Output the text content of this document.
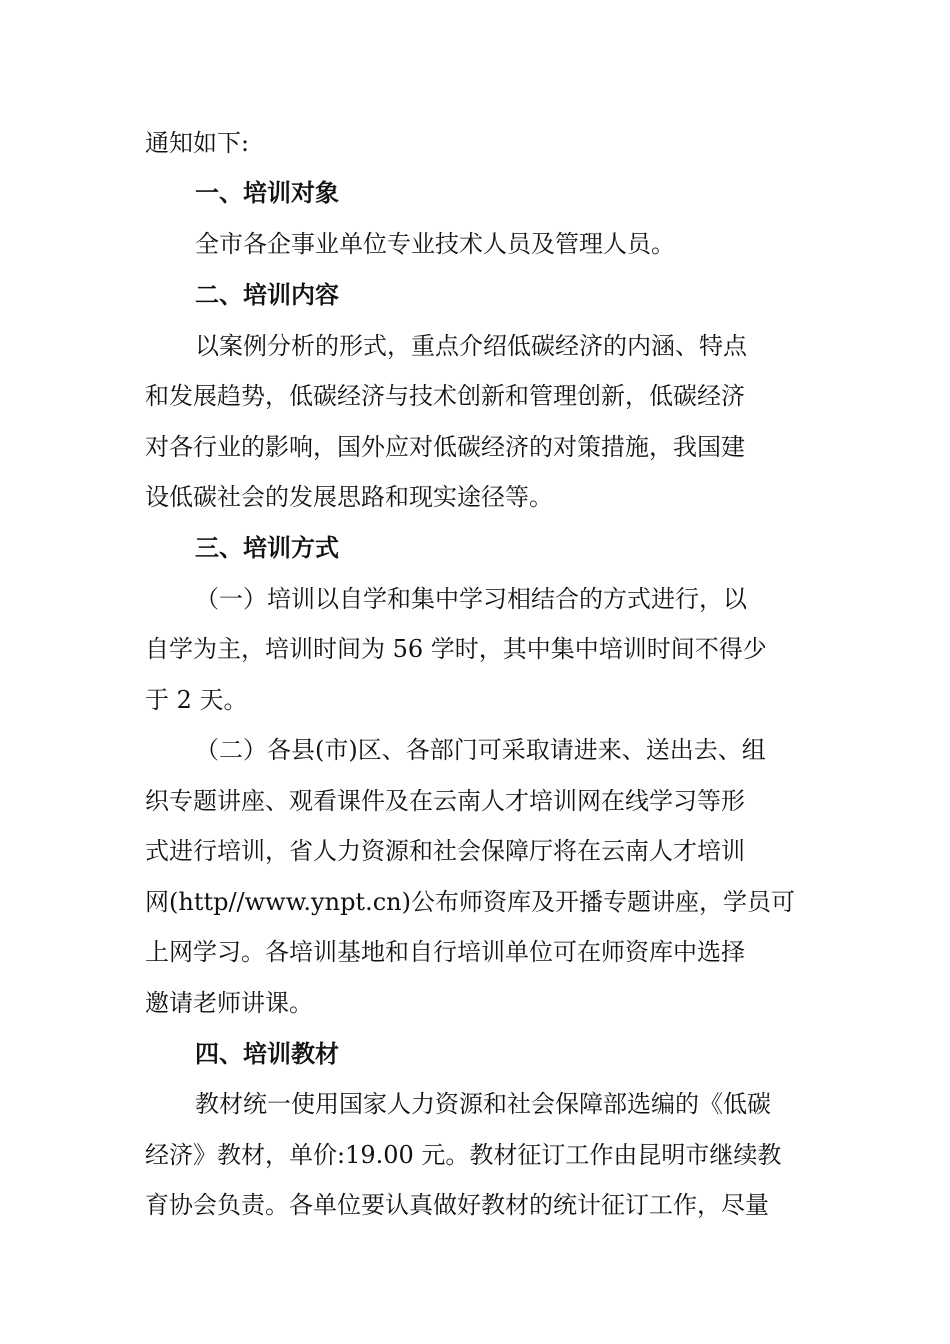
通知如下:
一、培训对象
全市各企事业单位专业技术人员及管理人员。
二、培训内容
以案例分析的形式，重点介绍低碳经济的内涵、特点
和发展趋势，低碳经济与技术创新和管理创新，低碳经济
对各行业的影响，国外应对低碳经济的对策措施，我国建
设低碳社会的发展思路和现实途径等。
三、培训方式
（一）培训以自学和集中学习相结合的方式进行，以
自学为主，培训时间为 56 学时，其中集中培训时间不得少
于 2 天。
（二）各县(市)区、各部门可采取请进来、送出去、组
织专题讲座、观看课件及在云南人才培训网在线学习等形
式进行培训，省人力资源和社会保障厅将在云南人才培训
网(http//www.ynpt.cn)公布师资库及开播专题讲座，学员可
上网学习。各培训基地和自行培训单位可在师资库中选择
邀请老师讲课。
四、培训教材
教材统一使用国家人力资源和社会保障部选编的《低碳
经济》教材，单价:19.00 元。教材征订工作由昆明市继续教
育协会负责。各单位要认真做好教材的统计征订工作，尽量
